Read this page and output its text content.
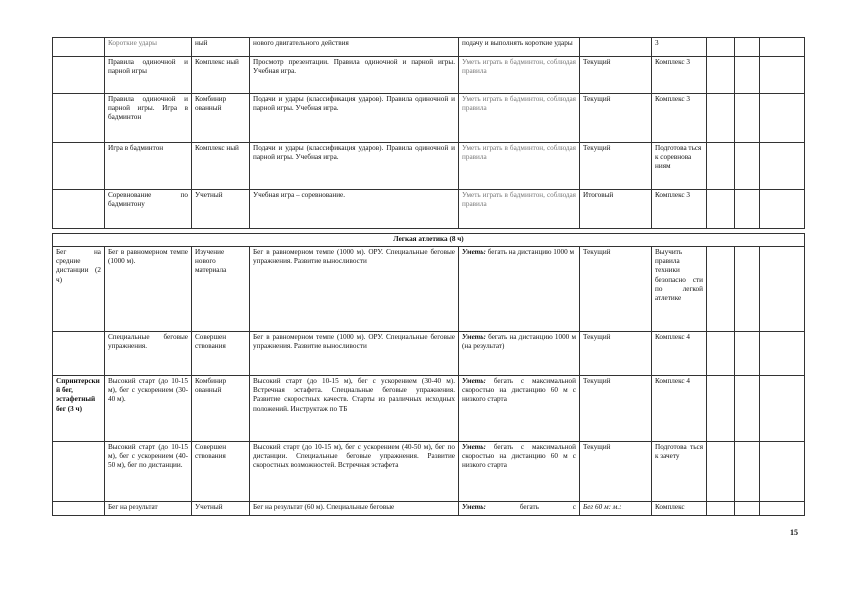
	Короткие удары	ный	нового двигательного действия	подачу и выполнять короткие удары		3			
	Правила одиночной и парной игры	Комплекс ный	Просмотр презентации. Правила одиночной и парной игры. Учебная игра.	Уметь играть в бадминтон, соблюдая правила	Текущий	Комплекс 3			
	Правила одиночной и парной игры. Игра в бадминтон	Комбинир ованный	Подачи и удары (классификация ударов). Правила одиночной и парной игры. Учебная игра.	Уметь играть в бадминтон, соблюдая правила	Текущий	Комплекс 3			
	Игра в бадминтон	Комплекс ный	Подачи и удары (классификация ударов). Правила одиночной и парной игры. Учебная игра.	Уметь играть в бадминтон, соблюдая правила	Текущий	Подготова ться к соревнова ниям			
	Соревнование по бадминтону	Учетный	Учебная игра – соревнование.	Уметь играть в бадминтон, соблюдая правила	Итоговый	Комплекс 3			

Легкая атлетика (8 ч)									
Бег на средние дистанции (2 ч)	Бег в равномерном темпе (1000 м).	Изучение нового материала	Бег в равномерном темпе (1000 м). ОРУ. Специальные беговые упражнения. Развитие выносливости	Уметь: бегать на дистанцию 1000 м	Текущий	Выучить правила техники безопасно сти по легкой атлетике			
	Специальные беговые упражнения.	Совершен ствования	Бег в равномерном темпе (1000 м). ОРУ. Специальные беговые упражнения. Развитие выносливости	Уметь: бегать на дистанцию 1000 м (на результат)	Текущий	Комплекс 4			
Спринтерский бег, эстафетный бег (3 ч)	Высокий старт (до 10-15 м), бег с ускорением (30-40 м).	Комбинир ованный	Высокий старт (до 10-15 м), бег с ускорением (30-40 м). Встречная эстафета. Специальные беговые упражнения. Развитие скоростных качеств. Старты из различных исходных положений. Инструктаж по ТБ	Уметь: бегать с максимальной скоростью на дистанцию 60 м с низкого старта	Текущий	Комплекс 4			
	Высокий старт (до 10-15 м), бег с ускорением (40-50 м), бег по дистанции.	Совершен ствования	Высокий старт (до 10-15 м), бег с ускорением (40-50 м), бег по дистанции. Специальные беговые упражнения. Развитие скоростных возможностей. Встречная эстафета	Уметь: бегать с максимальной скоростью на дистанцию 60 м с низкого старта	Текущий	Подготова ться к зачету			
	Бег на результат	Учетный	Бег на результат (60 м). Специальные беговые	Уметь: бегать с	Бег 60 м: м.:	Комплекс			
15
